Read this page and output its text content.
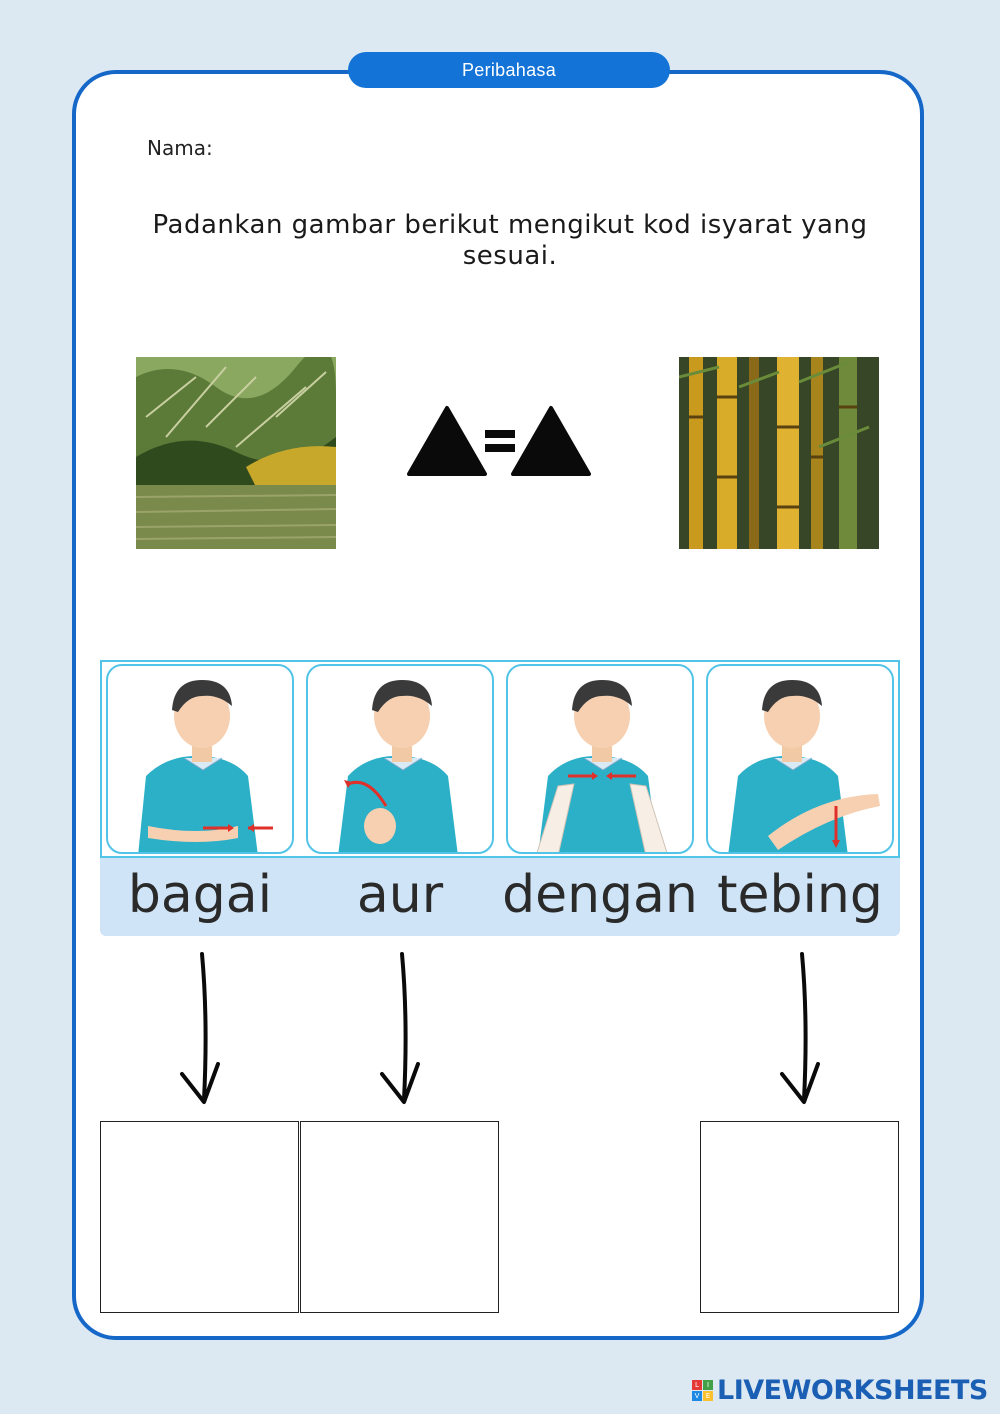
Peribahasa
Nama:
Padankan gambar berikut mengikut kod isyarat yang sesuai.
bagai	aur	dengan tebing
L	I
V E LIVEWORKSHEETS
